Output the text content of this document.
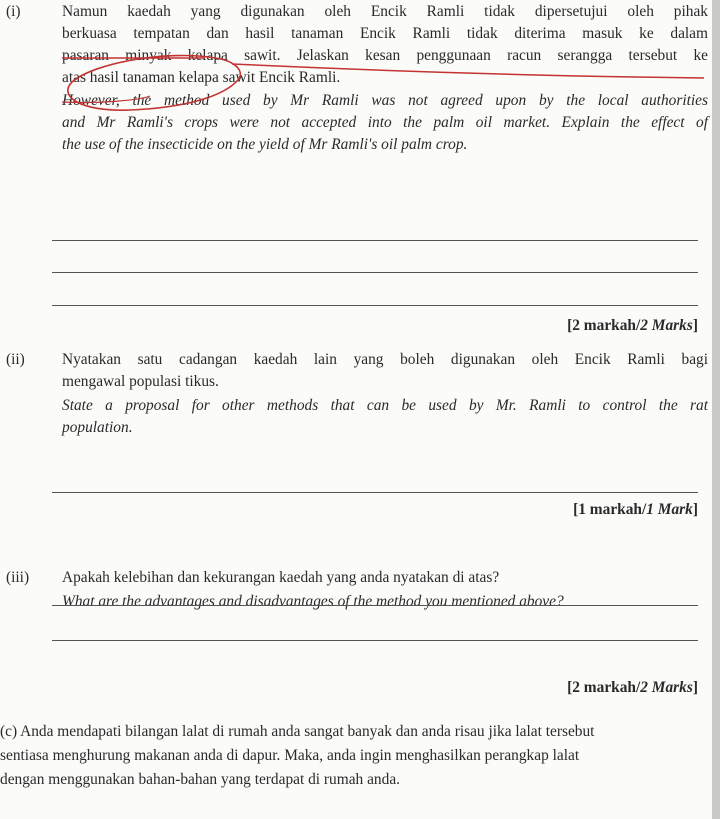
(i)	Namun kaedah yang digunakan oleh Encik Ramli tidak dipersetujui oleh pihak
berkuasa tempatan dan hasil tanaman Encik Ramli tidak diterima masuk ke dalam
pasaran minyak kelapa sawit. Jelaskan kesan penggunaan racun serangga tersebut ke
atas hasil tanaman kelapa sawit Encik Ramli.
However, the method used by Mr Ramli was not agreed upon by the local authorities
and Mr Ramli's crops were not accepted into the palm oil market. Explain the effect of
the use of the insecticide on the yield of Mr Ramli's oil palm crop.
[2 markah/2 Marks]
(ii) Nyatakan satu cadangan kaedah lain yang boleh digunakan oleh Encik Ramli bagi
mengawal populasi tikus.
State a proposal for other methods that can be used by Mr. Ramli to control the rat
population.
[1 markah/1 Mark]
(iii) Apakah kelebihan dan kekurangan kaedah yang anda nyatakan di atas?
What are the advantages and disadvantages of the method you mentioned above?
[2 markah/2 Marks]
(c) Anda mendapati bilangan lalat di rumah anda sangat banyak dan anda risau jika lalat tersebut
sentiasa menghurung makanan anda di dapur. Maka, anda ingin menghasilkan perangkap lalat
dengan menggunakan bahan-bahan yang terdapat di rumah anda.
